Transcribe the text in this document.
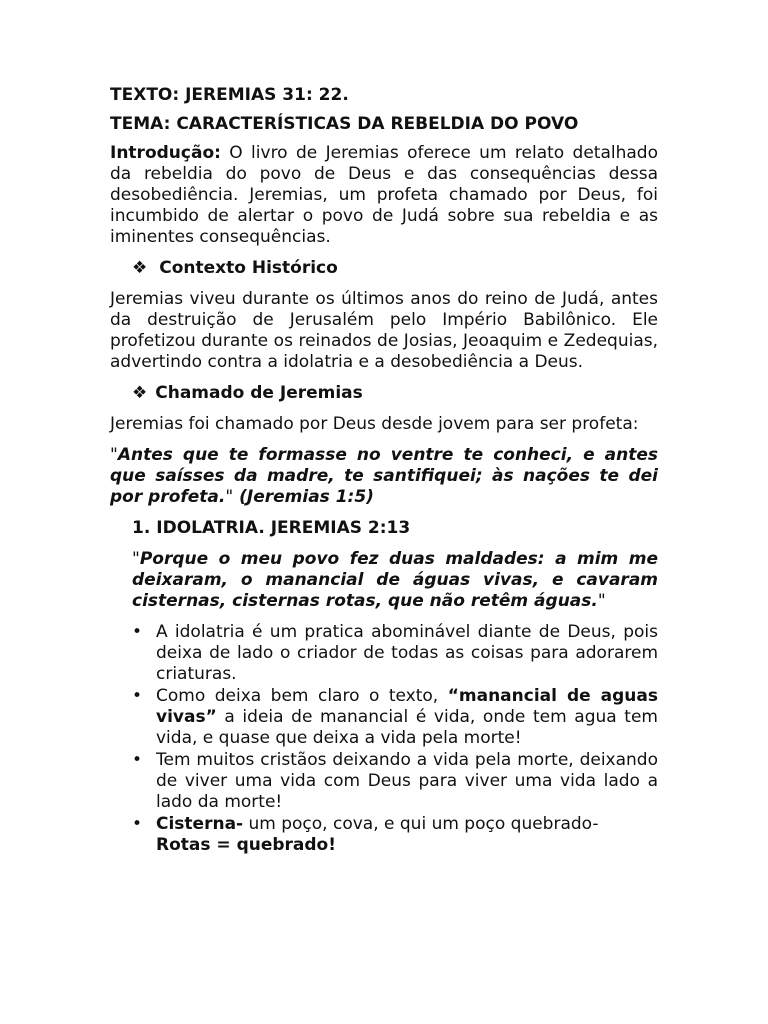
TEXTO: JEREMIAS 31: 22.

TEMA: CARACTERÍSTICAS DA REBELDIA DO POVO

Introdução: O livro de Jeremias oferece um relato detalhado da rebeldia do povo de Deus e das consequências dessa desobediência. Jeremias, um profeta chamado por Deus, foi incumbido de alertar o povo de Judá sobre sua rebeldia e as iminentes consequências.

❖ Contexto Histórico

Jeremias viveu durante os últimos anos do reino de Judá, antes da destruição de Jerusalém pelo Império Babilônico. Ele profetizou durante os reinados de Josias, Jeoaquim e Zedequias, advertindo contra a idolatria e a desobediência a Deus.

❖ Chamado de Jeremias

Jeremias foi chamado por Deus desde jovem para ser profeta:

"Antes que te formasse no ventre te conheci, e antes que saísses da madre, te santifiquei; às nações te dei por profeta." (Jeremias 1:5)

1. IDOLATRIA. JEREMIAS 2:13

"Porque o meu povo fez duas maldades: a mim me deixaram, o manancial de águas vivas, e cavaram cisternas, cisternas rotas, que não retêm águas."

• A idolatria é um pratica abominável diante de Deus, pois deixa de lado o criador de todas as coisas para adorarem criaturas.
• Como deixa bem claro o texto, “manancial de aguas vivas” a ideia de manancial é vida, onde tem agua tem vida, e quase que deixa a vida pela morte!
• Tem muitos cristãos deixando a vida pela morte, deixando de viver uma vida com Deus para viver uma vida lado a lado da morte!
• Cisterna- um poço, cova, e qui um poço quebrado-
Rotas = quebrado!
